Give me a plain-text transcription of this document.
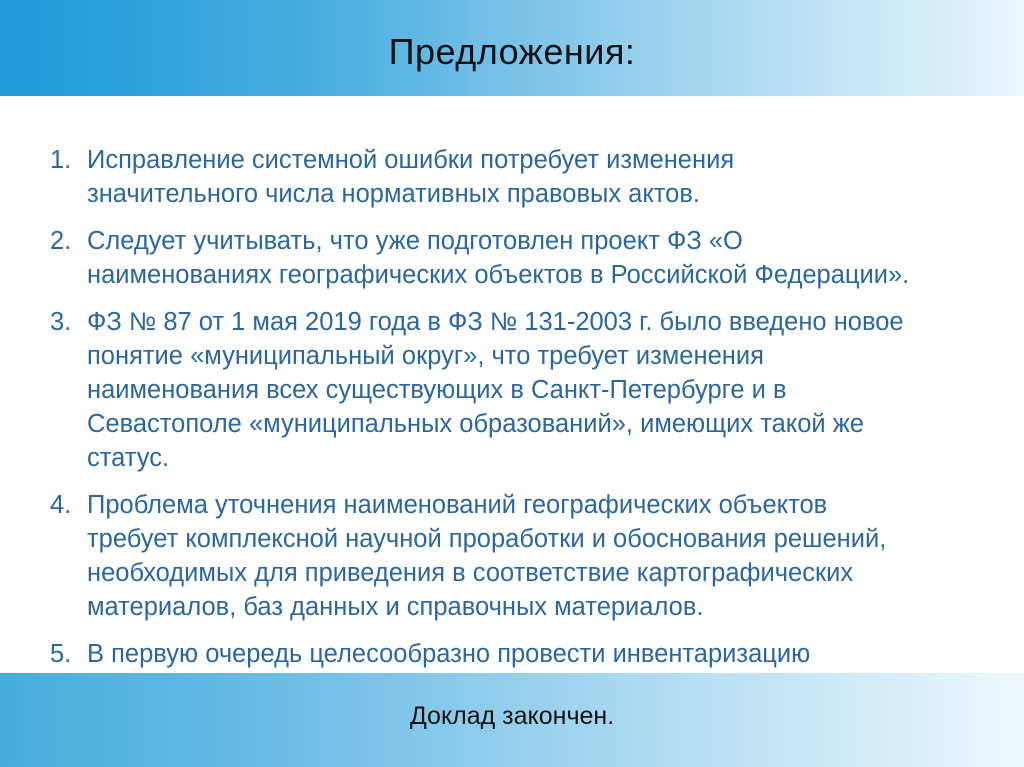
Предложения:
1. Исправление системной ошибки потребует изменения значительного числа нормативных правовых актов.
2. Следует учитывать, что уже подготовлен проект ФЗ «О наименованиях географических объектов в Российской Федерации».
3. ФЗ № 87 от 1 мая 2019 года в ФЗ № 131-2003 г. было введено новое понятие «муниципальный округ», что требует изменения наименования всех существующих в Санкт-Петербурге и в Севастополе «муниципальных образований», имеющих такой же статус.
4. Проблема уточнения наименований географических объектов требует комплексной научной проработки и обоснования решений, необходимых для приведения в соответствие картографических материалов, баз данных и справочных материалов.
5. В первую очередь целесообразно провести инвентаризацию
Доклад закончен.
